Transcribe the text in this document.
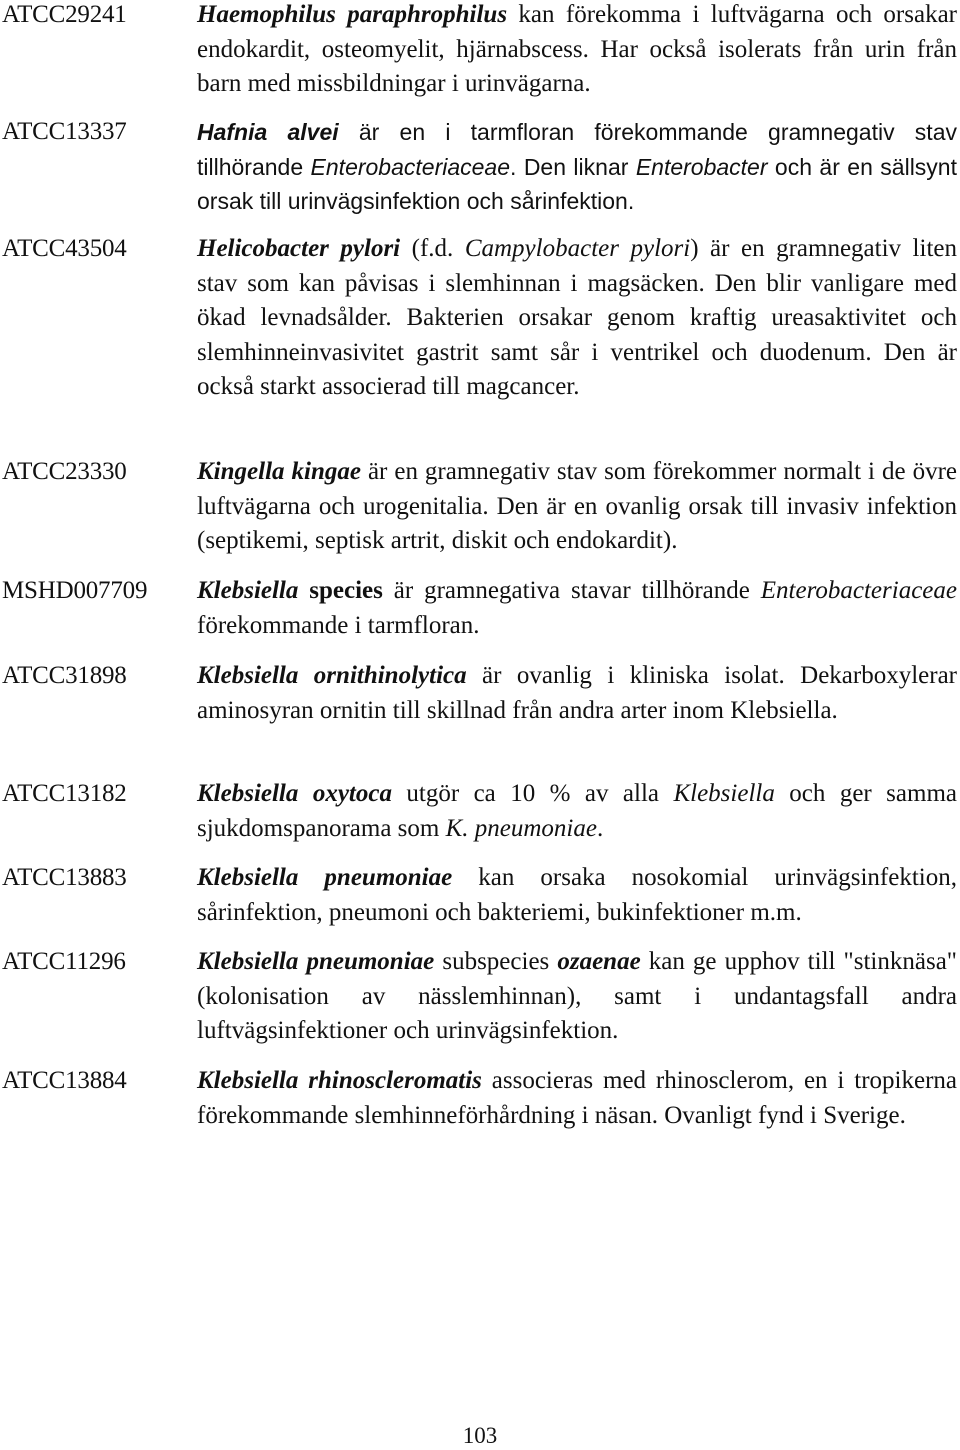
ATCC29241	Haemophilus paraphrophilus kan förekomma i luftvägarna och orsakar endokardit, osteomyelit, hjärnabscess. Har också isolerats från urin från barn med missbildningar i urinvägarna.
ATCC13337	Hafnia alvei är en i tarmfloran förekommande gramnegativ stav tillhörande Enterobacteriaceae. Den liknar Enterobacter och är en sällsynt orsak till urinvägsinfektion och sårinfektion.
ATCC43504	Helicobacter pylori (f.d. Campylobacter pylori) är en gramnegativ liten stav som kan påvisas i slemhinnan i magsäcken. Den blir vanligare med ökad levnadsålder. Bakterien orsakar genom kraftig ureasaktivitet och slemhinneinvasivitet gastrit samt sår i ventrikel och duodenum. Den är också starkt associerad till magcancer.
ATCC23330	Kingella kingae är en gramnegativ stav som förekommer normalt i de övre luftvägarna och urogenitalia. Den är en ovanlig orsak till invasiv infektion (septikemi, septisk artrit, diskit och endokardit).
MSHD007709 Klebsiella species är gramnegativa stavar tillhörande Enterobacteriaceae förekommande i tarmfloran.
ATCC31898	Klebsiella ornithinolytica är ovanlig i kliniska isolat. Dekarboxylerar aminosyran ornitin till skillnad från andra arter inom Klebsiella.
ATCC13182	Klebsiella oxytoca utgör ca 10 % av alla Klebsiella och ger samma sjukdomspanorama som K. pneumoniae.
ATCC13883	Klebsiella pneumoniae kan orsaka nosokomial urinvägsinfektion, sårinfektion, pneumoni och bakteriemi, bukinfektioner m.m.
ATCC11296	Klebsiella pneumoniae subspecies ozaenae kan ge upphov till "stinknäsa" (kolonisation av nässlemhinnan), samt i undantagsfall andra luftvägsinfektioner och urinvägsinfektion.
ATCC13884	Klebsiella rhinoscleromatis associeras med rhinosclerom, en i tropikerna förekommande slemhinneförhårdning i näsan. Ovanligt fynd i Sverige.
103
